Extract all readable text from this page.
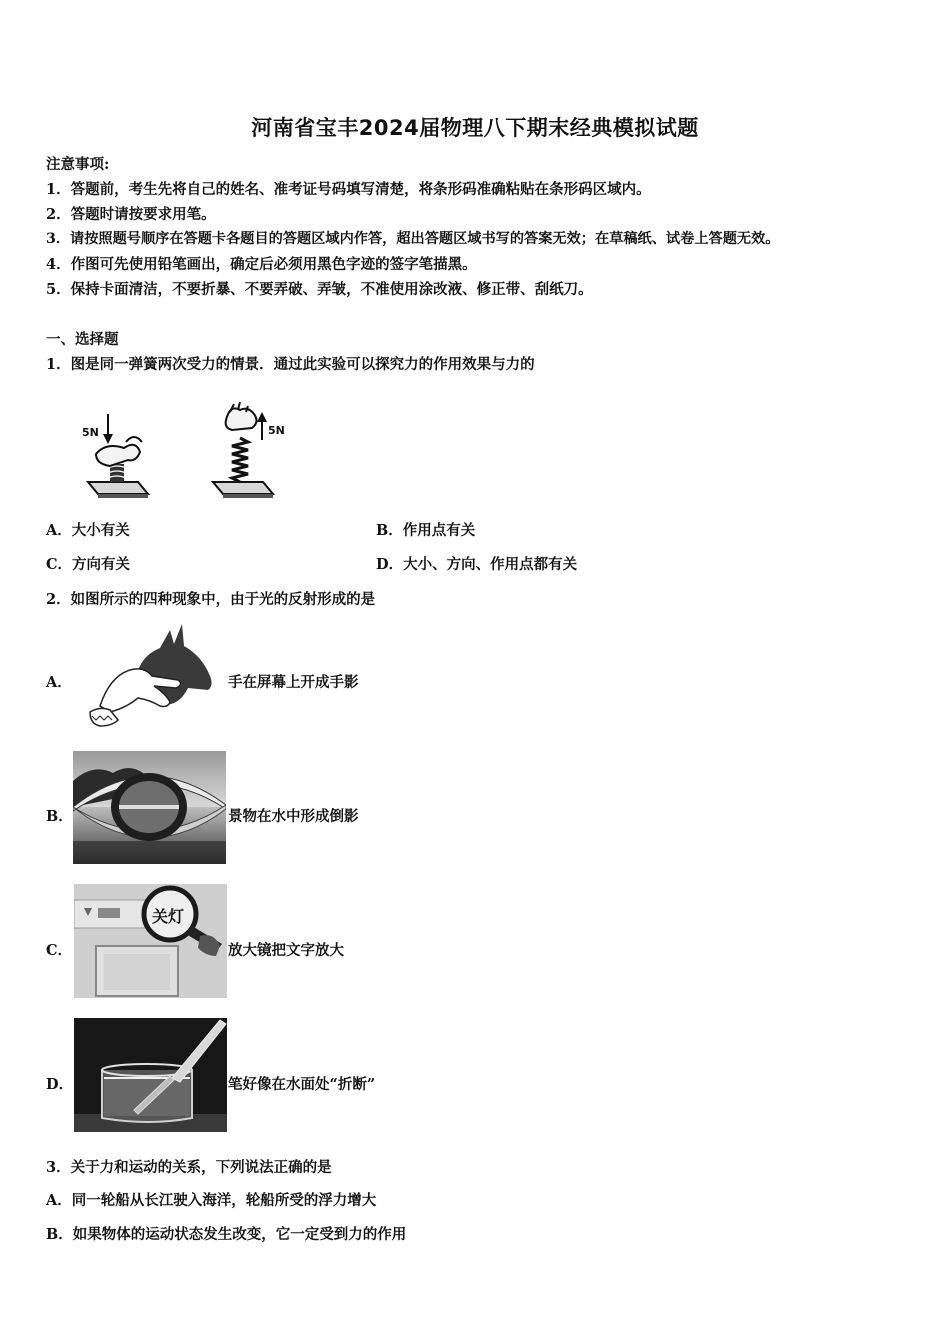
河南省宝丰2024届物理八下期末经典模拟试题
注意事项:
1．答题前，考生先将自己的姓名、准考证号码填写清楚，将条形码准确粘贴在条形码区域内。
2．答题时请按要求用笔。
3．请按照题号顺序在答题卡各题目的答题区域内作答，超出答题区域书写的答案无效；在草稿纸、试卷上答题无效。
4．作图可先使用铅笔画出，确定后必须用黑色字迹的签字笔描黑。
5．保持卡面清洁，不要折暴、不要弄破、弄皱，不准使用涂改液、修正带、刮纸刀。
一、选择题
1．图是同一弹簧两次受力的情景．通过此实验可以探究力的作用效果与力的
5N	5N
A．大小有关	B．作用点有关
C．方向有关	D．大小、方向、作用点都有关
2．如图所示的四种现象中，由于光的反射形成的是
A．	手在屏幕上开成手影
B．	景物在水中形成倒影
C．
关灯
放大镜把文字放大
D．	笔好像在水面处“折断”
3．关于力和运动的关系，下列说法正确的是
A．同一轮船从长江驶入海洋，轮船所受的浮力增大
B．如果物体的运动状态发生改变，它一定受到力的作用
